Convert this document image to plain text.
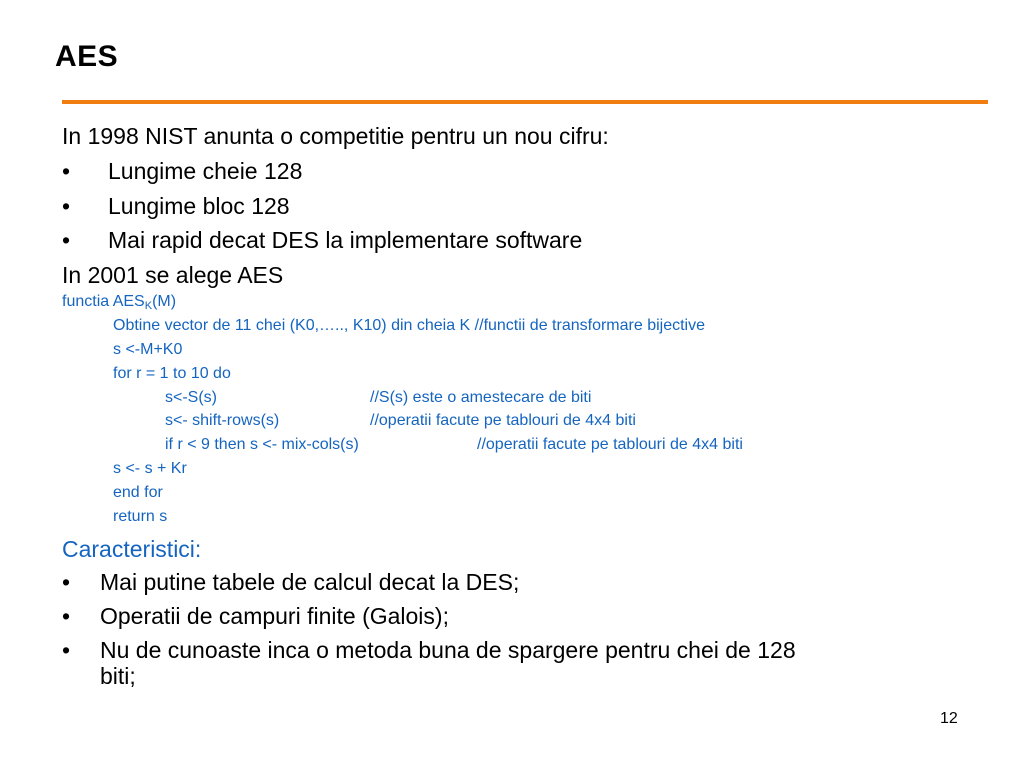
AES
In 1998 NIST anunta o competitie pentru un nou cifru:
• Lungime cheie 128
• Lungime bloc 128
• Mai rapid decat DES la implementare software
In 2001 se alege AES
functia $AES_K(M)$
Obtine vector de 11 chei (K0,….., K10) din cheia K //functii de transformare bijective
s <-M+K0
for r = 1 to 10 do
s<-S(s)	//S(s) este o amestecare de biti
s<- shift-rows(s)	//operatii facute pe tablouri de 4x4 biti
if r < 9 then s <- mix-cols(s)	//operatii facute pe tablouri de 4x4 biti
s <- s + Kr
end for
return s
Caracteristici:
• Mai putine tabele de calcul decat la DES;
• Operatii de campuri finite (Galois);
• Nu de cunoaste inca o metoda buna de spargere pentru chei de 128
biti;
12
